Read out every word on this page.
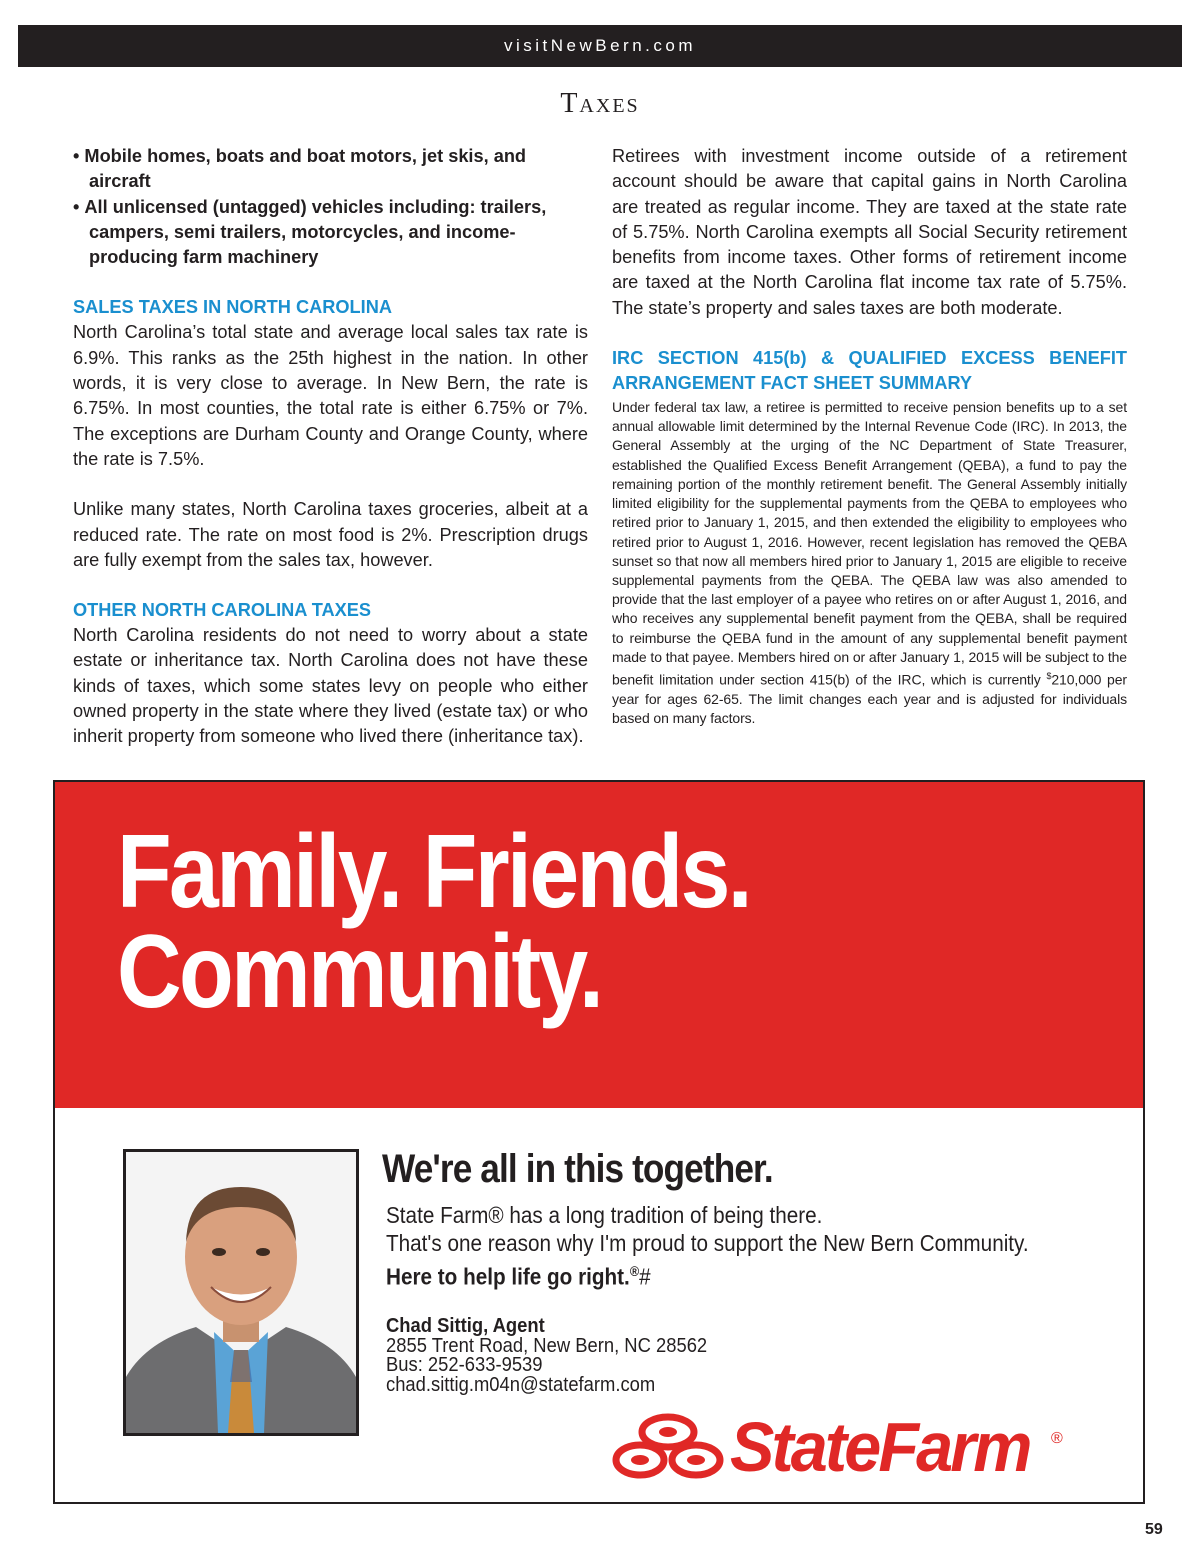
visitNewBern.com
Taxes
• Mobile homes, boats and boat motors, jet skis, and aircraft
• All unlicensed (untagged) vehicles including: trailers, campers, semi trailers, motorcycles, and income-producing farm machinery
SALES TAXES IN NORTH CAROLINA

North Carolina’s total state and average local sales tax rate is 6.9%. This ranks as the 25th highest in the nation. In other words, it is very close to average. In New Bern, the rate is 6.75%. In most counties, the total rate is either 6.75% or 7%. The exceptions are Durham County and Orange County, where the rate is 7.5%.

Unlike many states, North Carolina taxes groceries, albeit at a reduced rate. The rate on most food is 2%. Prescription drugs are fully exempt from the sales tax, however.

OTHER NORTH CAROLINA TAXES

North Carolina residents do not need to worry about a state estate or inheritance tax. North Carolina does not have these kinds of taxes, which some states levy on people who either owned property in the state where they lived (estate tax) or who inherit property from someone who lived there (inheritance tax).

Retirees with investment income outside of a retirement account should be aware that capital gains in North Carolina are treated as regular income. They are taxed at the state rate of 5.75%. North Carolina exempts all Social Security retirement benefits from income taxes. Other forms of retirement income are taxed at the North Carolina flat income tax rate of 5.75%. The state’s property and sales taxes are both moderate.

IRC SECTION 415(b) & QUALIFIED EXCESS BENEFIT ARRANGEMENT FACT SHEET SUMMARY

Under federal tax law, a retiree is permitted to receive pension benefits up to a set annual allowable limit determined by the Internal Revenue Code (IRC). In 2013, the General Assembly at the urging of the NC Department of State Treasurer, established the Qualified Excess Benefit Arrangement (QEBA), a fund to pay the remaining portion of the monthly retirement benefit. The General Assembly initially limited eligibility for the supplemental payments from the QEBA to employees who retired prior to January 1, 2015, and then extended the eligibility to employees who retired prior to August 1, 2016. However, recent legislation has removed the QEBA sunset so that now all members hired prior to January 1, 2015 are eligible to receive supplemental payments from the QEBA. The QEBA law was also amended to provide that the last employer of a payee who retires on or after August 1, 2016, and who receives any supplemental benefit payment from the QEBA, shall be required to reimburse the QEBA fund in the amount of any supplemental benefit payment made to that payee. Members hired on or after January 1, 2015 will be subject to the benefit limitation under section 415(b) of the IRC, which is currently $210,000 per year for ages 62-65. The limit changes each year and is adjusted for individuals based on many factors.

Family. Friends.
Community.
We're all in this together.
State Farm® has a long tradition of being there.
That's one reason why I'm proud to support the New Bern Community.
Here to help life go right.®#
Chad Sittig, Agent
2855 Trent Road, New Bern, NC 28562
Bus: 252-633-9539
chad.sittig.m04n@statefarm.com
StateFarm ®
59
